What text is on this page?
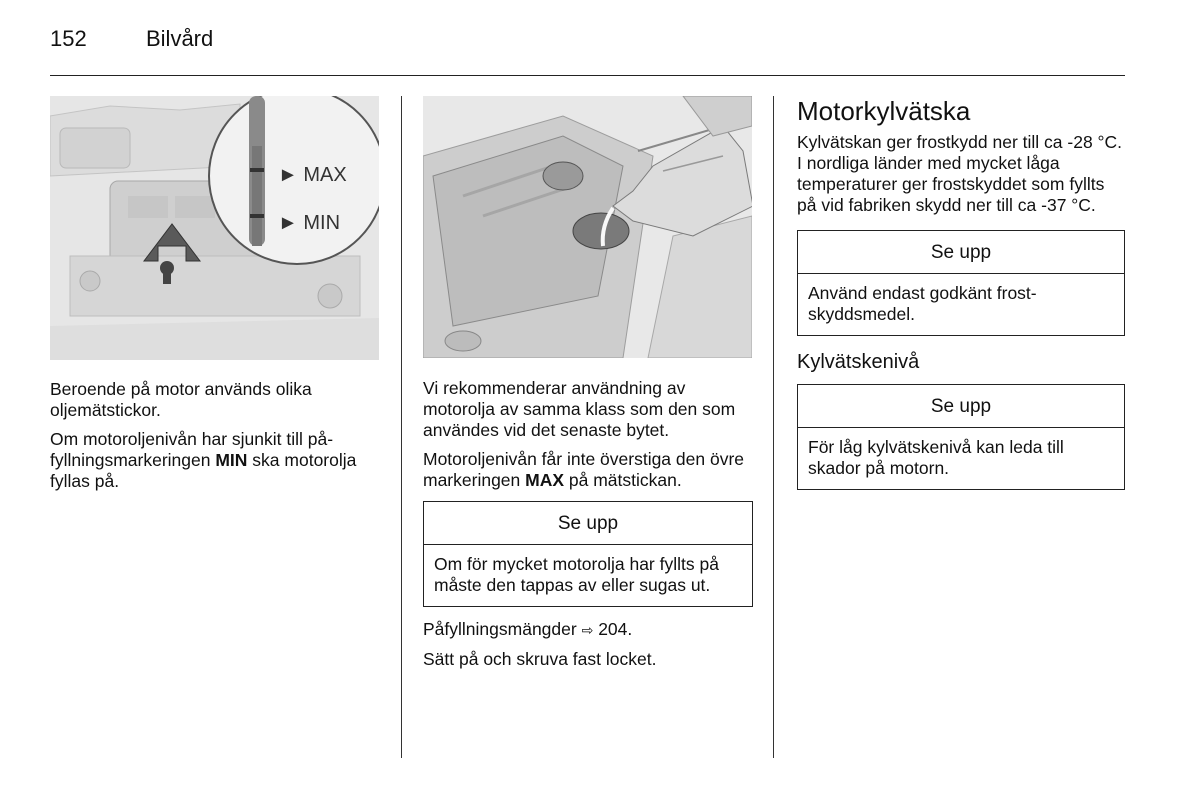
152	Bilvård
► MAX
► MIN

Beroende på motor används olika oljemätstickor.

Om motoroljenivån har sjunkit till påfyllningsmarkeringen MIN ska motorolja fyllas på.

Vi rekommenderar användning av motorolja av samma klass som den som användes vid det senaste bytet.

Motoroljenivån får inte överstiga den övre markeringen MAX på mätstickan.

Se upp
Om för mycket motorolja har fyllts på måste den tappas av eller sugas ut.

Påfyllningsmängder ⇨ 204.

Sätt på och skruva fast locket.

Motorkylvätska

Kylvätskan ger frostkydd ner till ca -28 °C. I nordliga länder med mycket låga temperaturer ger frostskyddet som fyllts på vid fabriken skydd ner till ca -37 °C.

Se upp
Använd endast godkänt frostskyddsmedel.
Kylvätskenivå
Se upp
För låg kylvätskenivå kan leda till skador på motorn.
